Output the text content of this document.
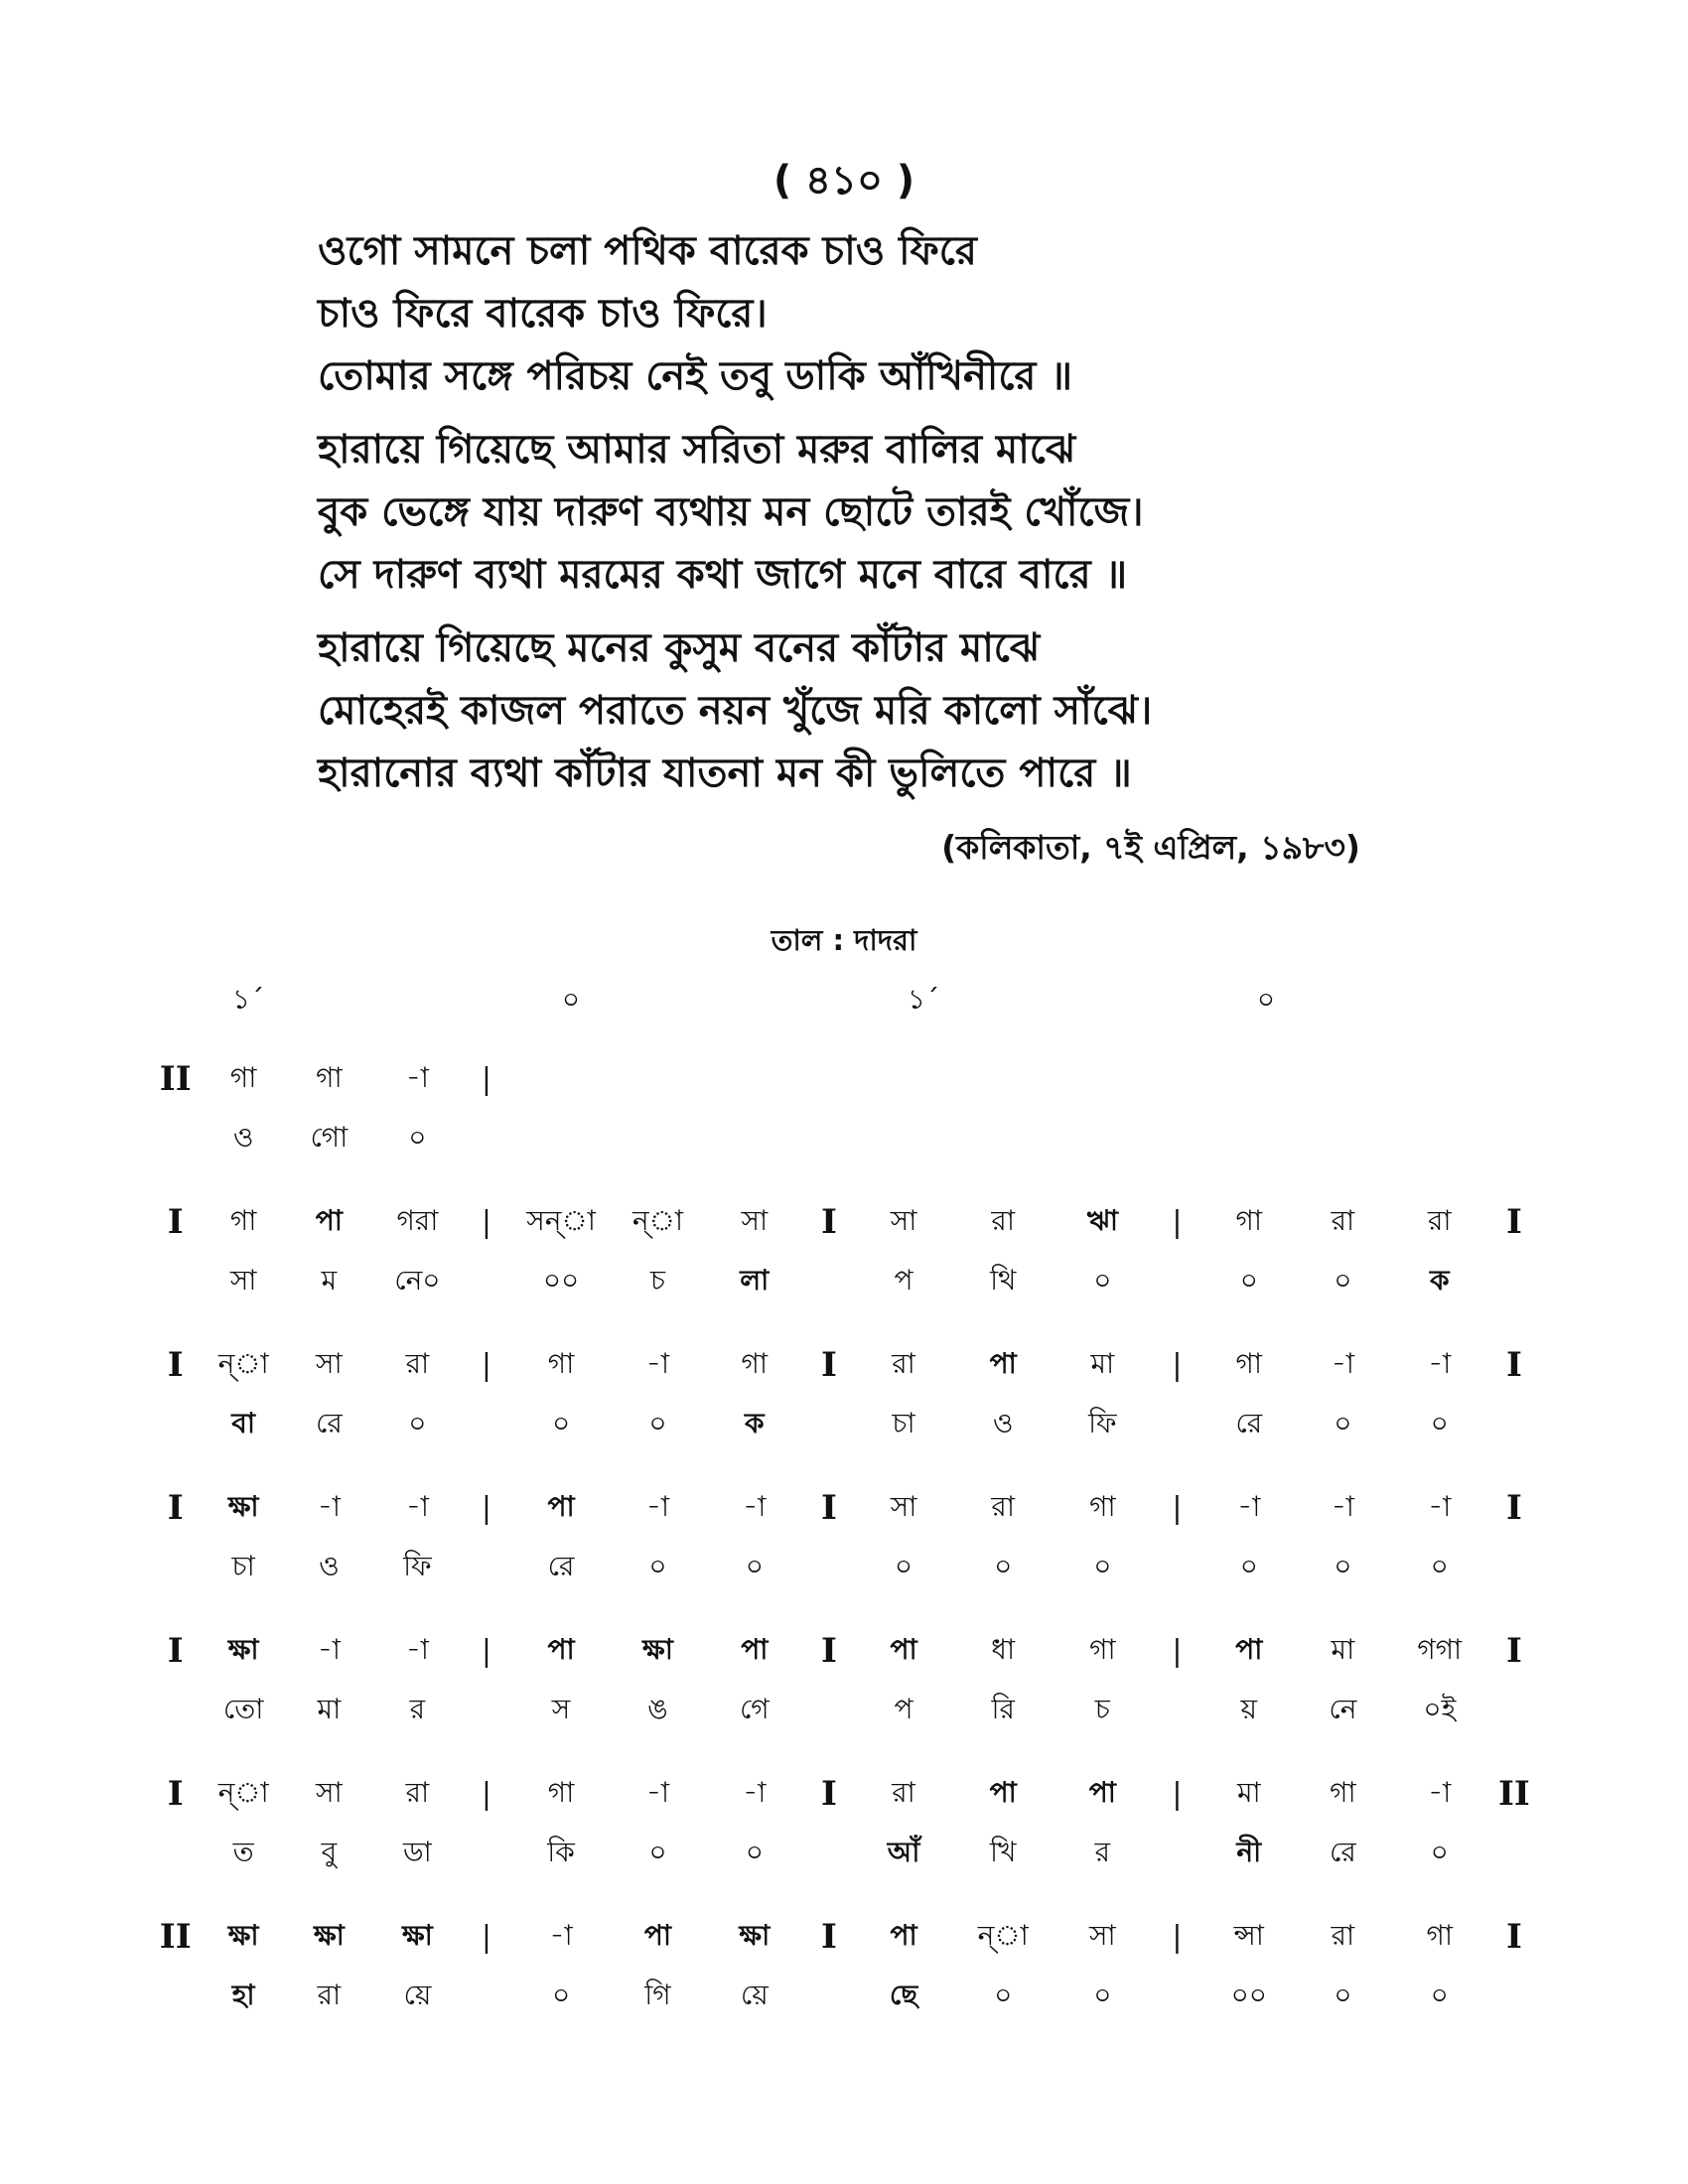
( ৪১০ )
ওগো সামনে চলা পথিক বারেক চাও ফিরে
চাও ফিরে বারেক চাও ফিরে।
তোমার সঙ্গে পরিচয় নেই তবু ডাকি আঁখিনীরে ॥
হারায়ে গিয়েছে আমার সরিতা মরুর বালির মাঝে
বুক ভেঙ্গে যায় দারুণ ব্যথায় মন ছোটে তারই খোঁজে।
সে দারুণ ব্যথা মরমের কথা জাগে মনে বারে বারে ॥
হারায়ে গিয়েছে মনের কুসুম বনের কাঁটার মাঝে
মোহেরই কাজল পরাতে নয়ন খুঁজে মরি কালো সাঁঝে।
হারানোর ব্যথা কাঁটার যাতনা মন কী ভুলিতে পারে ॥
(কলিকাতা, ৭ই এপ্রিল, ১৯৮৩)
তাল : দাদরা
১´	০	১´	০
II	গা	গা	-া	|												
	ও	গো	০													
I	গা	পা	গরা	|	সন্‌া	ন্‌া	সা	I	সা	রা	ঋা	|	গা	রা	রা	I
	সা	ম	নে০		০০	চ	লা		প	থি	০		০	০	ক	
I	ন্‌া	সা	রা	|	গা	-া	গা	I	রা	পা	মা	|	গা	-া	-া	I
	বা	রে	০		০	০	ক		চা	ও	ফি		রে	০	০	
I	ক্ষা	-া	-া	|	পা	-া	-া	I	সা	রা	গা	|	-া	-া	-া	I
	চা	ও	ফি		রে	০	০		০	০	০		০	০	০	
I	ক্ষা	-া	-া	|	পা	ক্ষা	পা	I	পা	ধা	গা	|	পা	মা	গগা	I
	তো	মা	র		স	ঙ	গে		প	রি	চ		য়	নে	০ই	
I	ন্‌া	সা	রা	|	গা	-া	-া	I	রা	পা	পা	|	মা	গা	-া	II
	ত	বু	ডা		কি	০	০		আঁ	খি	র		নী	রে	০	
II	ক্ষা	ক্ষা	ক্ষা	|	-া	পা	ক্ষা	I	পা	ন্‌া	সা	|	ন্সা	রা	গা	I
	হা	রা	য়ে		০	গি	য়ে		ছে	০	০		০০	০	০	
